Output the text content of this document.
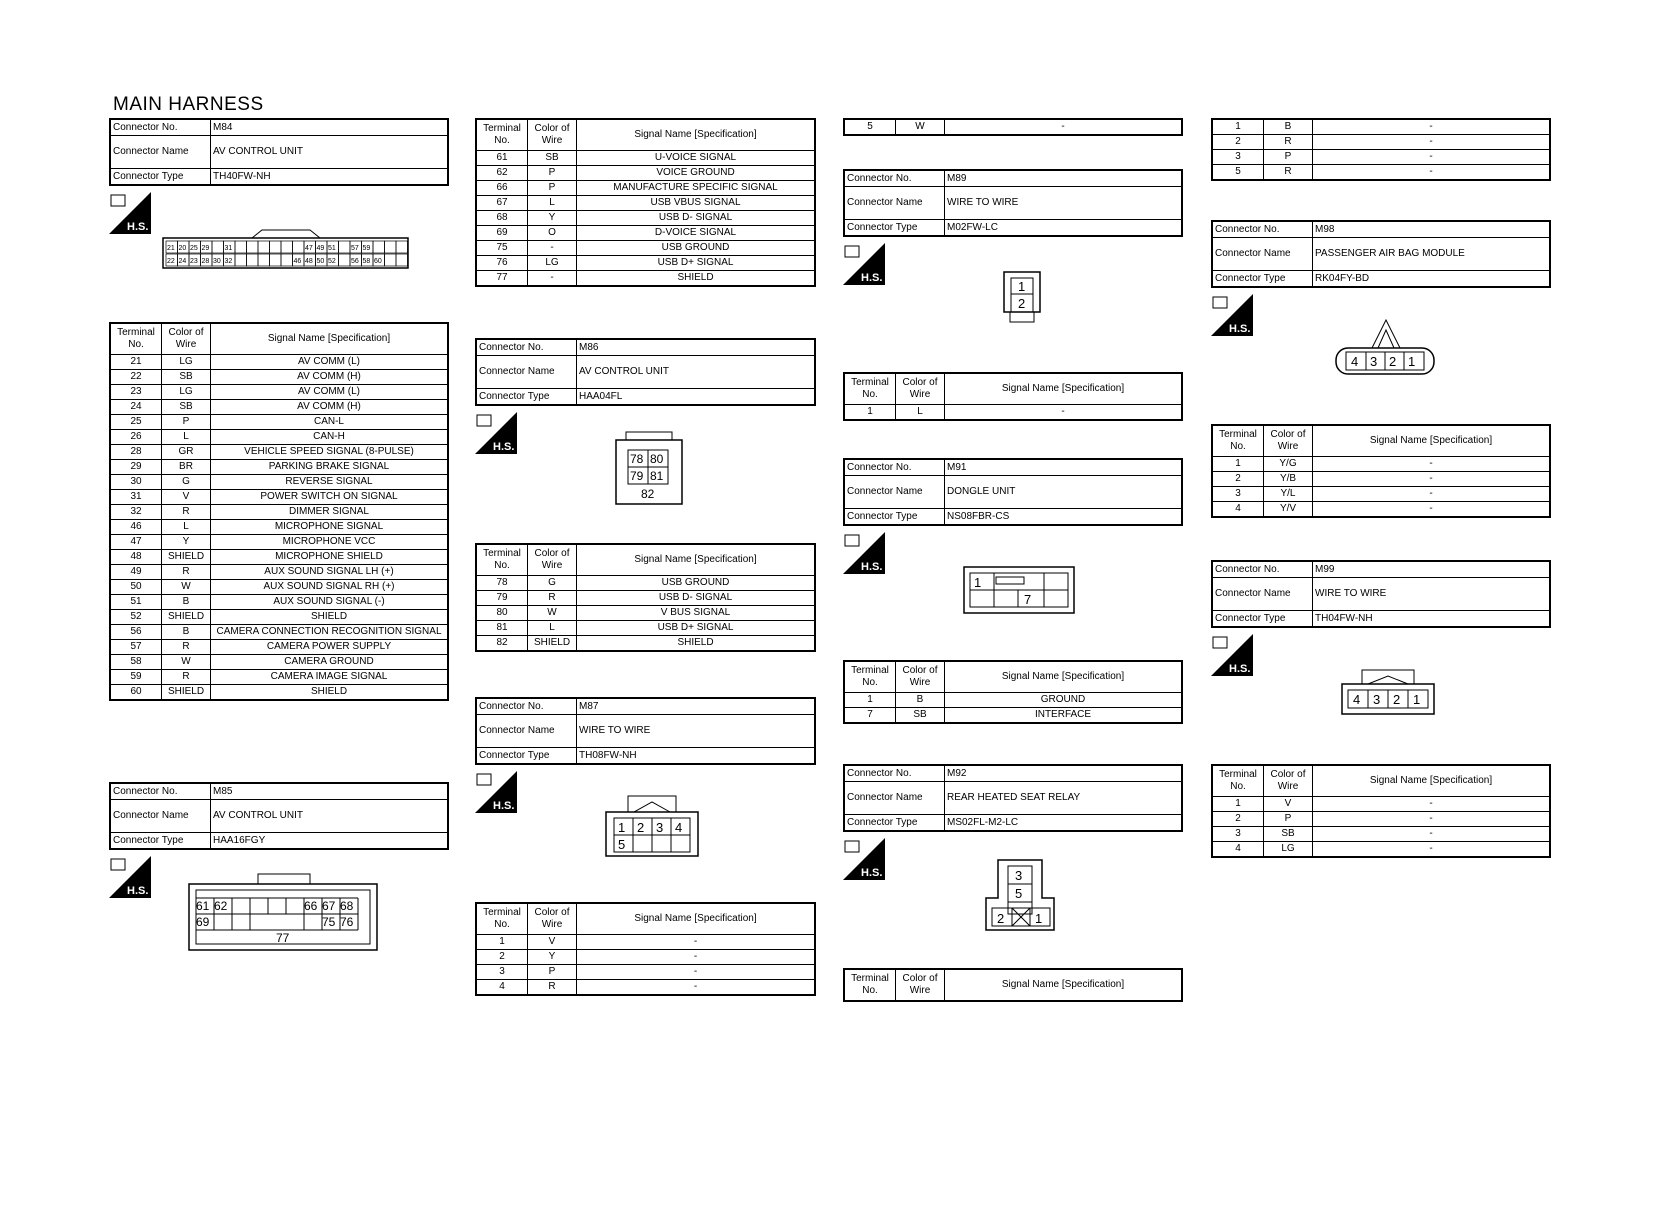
MAIN HARNESS
Connector No.	M84
Connector Name	AV CONTROL UNIT
Connector Type	TH40FW-NH
H.S.
21 20 25 29 31	47 49 51 57 59
22 24 23 28 30 32	46 48 50 52 56 58 60
Terminal No.	Color of Wire	Signal Name [Specification]
21	LG	AV COMM (L)
22	SB	AV COMM (H)
23	LG	AV COMM (L)
24	SB	AV COMM (H)
25	P	CAN-L
26	L	CAN-H
28	GR	VEHICLE SPEED SIGNAL (8-PULSE)
29	BR	PARKING BRAKE SIGNAL
30	G	REVERSE SIGNAL
31	V	POWER SWITCH ON SIGNAL
32	R	DIMMER SIGNAL
46	L	MICROPHONE SIGNAL
47	Y	MICROPHONE VCC
48	SHIELD	MICROPHONE SHIELD
49	R	AUX SOUND SIGNAL LH (+)
50	W	AUX SOUND SIGNAL RH (+)
51	B	AUX SOUND SIGNAL (-)
52	SHIELD	SHIELD
56	B	CAMERA CONNECTION RECOGNITION SIGNAL
57	R	CAMERA POWER SUPPLY
58	W	CAMERA GROUND
59	R	CAMERA IMAGE SIGNAL
60	SHIELD	SHIELD
Connector No.	M85
Connector Name	AV CONTROL UNIT
Connector Type	HAA16FGY
H.S.
61 62	66 67 68
69	75 76
77
Terminal No.	Color of Wire	Signal Name [Specification]
61	SB	U-VOICE SIGNAL
62	P	VOICE GROUND
66	P	MANUFACTURE SPECIFIC SIGNAL
67	L	USB VBUS SIGNAL
68	Y	USB D- SIGNAL
69	O	D-VOICE SIGNAL
75	-	USB GROUND
76	LG	USB D+ SIGNAL
77	-	SHIELD
Connector No.	M86
Connector Name	AV CONTROL UNIT
Connector Type	HAA04FL
H.S.
78 80
79 81
82
Terminal No.	Color of Wire	Signal Name [Specification]
78	G	USB GROUND
79	R	USB D- SIGNAL
80	W	V BUS SIGNAL
81	L	USB D+ SIGNAL
82	SHIELD	SHIELD
Connector No.	M87
Connector Name	WIRE TO WIRE
Connector Type	TH08FW-NH
H.S.
1 2 3 4
5
Terminal No.	Color of Wire	Signal Name [Specification]
1	V	-
2	Y	-
3	P	-
4	R	-
5	W	-
Connector No.	M89
Connector Name	WIRE TO WIRE
Connector Type	M02FW-LC
H.S.
1
2
Terminal No.	Color of Wire	Signal Name [Specification]
1	L	-
Connector No.	M91
Connector Name	DONGLE UNIT
Connector Type	NS08FBR-CS
H.S.
1
7
Terminal No.	Color of Wire	Signal Name [Specification]
1	B	GROUND
7	SB	INTERFACE
Connector No.	M92
Connector Name	REAR HEATED SEAT RELAY
Connector Type	MS02FL-M2-LC
H.S.	3
5
2 1
Terminal No.	Color of Wire	Signal Name [Specification]
1	B	-
2	R	-
3	P	-
5	R	-
Connector No.	M98
Connector Name	PASSENGER AIR BAG MODULE
Connector Type	RK04FY-BD
H.S.
4 3 2 1
Terminal No.	Color of Wire	Signal Name [Specification]
1	Y/G	-
2	Y/B	-
3	Y/L	-
4	Y/V	-
Connector No.	M99
Connector Name	WIRE TO WIRE
Connector Type	TH04FW-NH
H.S.
4 3 2 1
Terminal No.	Color of Wire	Signal Name [Specification]
1	V	-
2	P	-
3	SB	-
4	LG	-
